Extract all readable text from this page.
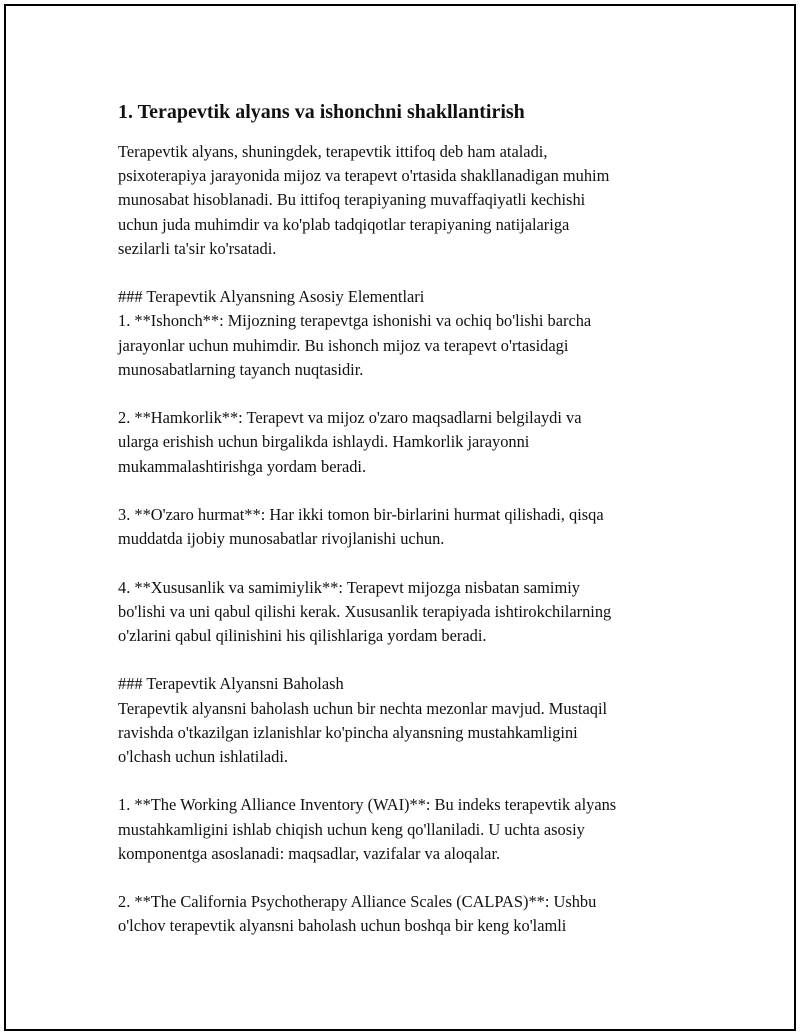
1. Terapevtik alyans va ishonchni shakllantirish
Terapevtik alyans, shuningdek, terapevtik ittifoq deb ham ataladi,
psixoterapiya jarayonida mijoz va terapevt o'rtasida shakllanadigan muhim
munosabat hisoblanadi. Bu ittifoq terapiyaning muvaffaqiyatli kechishi
uchun juda muhimdir va ko'plab tadqiqotlar terapiyaning natijalariga
sezilarli ta'sir ko'rsatadi.
### Terapevtik Alyansning Asosiy Elementlari
1. **Ishonch**: Mijozning terapevtga ishonishi va ochiq bo'lishi barcha
jarayonlar uchun muhimdir. Bu ishonch mijoz va terapevt o'rtasidagi
munosabatlarning tayanch nuqtasidir.
2. **Hamkorlik**: Terapevt va mijoz o'zaro maqsadlarni belgilaydi va
ularga erishish uchun birgalikda ishlaydi. Hamkorlik jarayonni
mukammalashtirishga yordam beradi.
3. **O'zaro hurmat**: Har ikki tomon bir-birlarini hurmat qilishadi, qisqa
muddatda ijobiy munosabatlar rivojlanishi uchun.
4. **Xususanlik va samimiylik**: Terapevt mijozga nisbatan samimiy
bo'lishi va uni qabul qilishi kerak. Xususanlik terapiyada ishtirokchilarning
o'zlarini qabul qilinishini his qilishlariga yordam beradi.
### Terapevtik Alyansni Baholash
Terapevtik alyansni baholash uchun bir nechta mezonlar mavjud. Mustaqil
ravishda o'tkazilgan izlanishlar ko'pincha alyansning mustahkamligini
o'lchash uchun ishlatiladi.
1. **The Working Alliance Inventory (WAI)**: Bu indeks terapevtik alyans
mustahkamligini ishlab chiqish uchun keng qo'llaniladi. U uchta asosiy
komponentga asoslanadi: maqsadlar, vazifalar va aloqalar.
2. **The California Psychotherapy Alliance Scales (CALPAS)**: Ushbu
o'lchov terapevtik alyansni baholash uchun boshqa bir keng ko'lamli
